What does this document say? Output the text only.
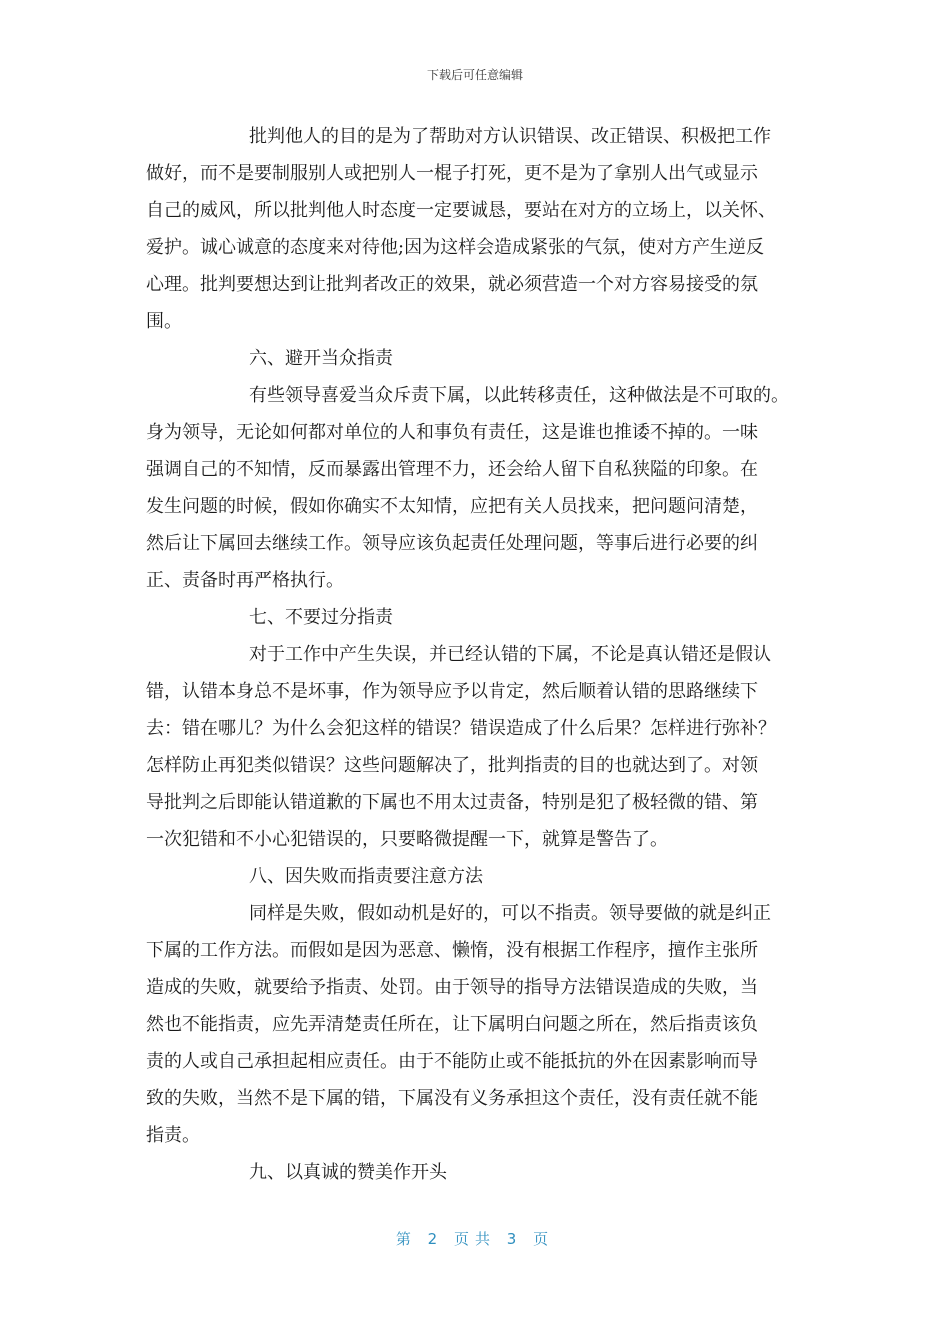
下载后可任意编辑
批判他人的目的是为了帮助对方认识错误、改正错误、积极把工作
做好，而不是要制服别人或把别人一棍子打死，更不是为了拿别人出气或显示
自己的威风，所以批判他人时态度一定要诚恳，要站在对方的立场上，以关怀、
爱护。诚心诚意的态度来对待他;因为这样会造成紧张的气氛，使对方产生逆反
心理。批判要想达到让批判者改正的效果，就必须营造一个对方容易接受的氛
围。
六、避开当众指责
有些领导喜爱当众斥责下属，以此转移责任，这种做法是不可取的。
身为领导，无论如何都对单位的人和事负有责任，这是谁也推诿不掉的。一味
强调自己的不知情，反而暴露出管理不力，还会给人留下自私狭隘的印象。在
发生问题的时候，假如你确实不太知情，应把有关人员找来，把问题问清楚，
然后让下属回去继续工作。领导应该负起责任处理问题，等事后进行必要的纠
正、责备时再严格执行。
七、不要过分指责
对于工作中产生失误，并已经认错的下属，不论是真认错还是假认
错，认错本身总不是坏事，作为领导应予以肯定，然后顺着认错的思路继续下
去：错在哪儿？为什么会犯这样的错误？错误造成了什么后果？怎样进行弥补？
怎样防止再犯类似错误？这些问题解决了，批判指责的目的也就达到了。对领
导批判之后即能认错道歉的下属也不用太过责备，特别是犯了极轻微的错、第
一次犯错和不小心犯错误的，只要略微提醒一下，就算是警告了。
八、因失败而指责要注意方法
同样是失败，假如动机是好的，可以不指责。领导要做的就是纠正
下属的工作方法。而假如是因为恶意、懒惰，没有根据工作程序，擅作主张所
造成的失败，就要给予指责、处罚。由于领导的指导方法错误造成的失败，当
然也不能指责，应先弄清楚责任所在，让下属明白问题之所在，然后指责该负
责的人或自己承担起相应责任。由于不能防止或不能抵抗的外在因素影响而导
致的失败，当然不是下属的错，下属没有义务承担这个责任，没有责任就不能
指责。
九、以真诚的赞美作开头
第 2 页共 3 页
